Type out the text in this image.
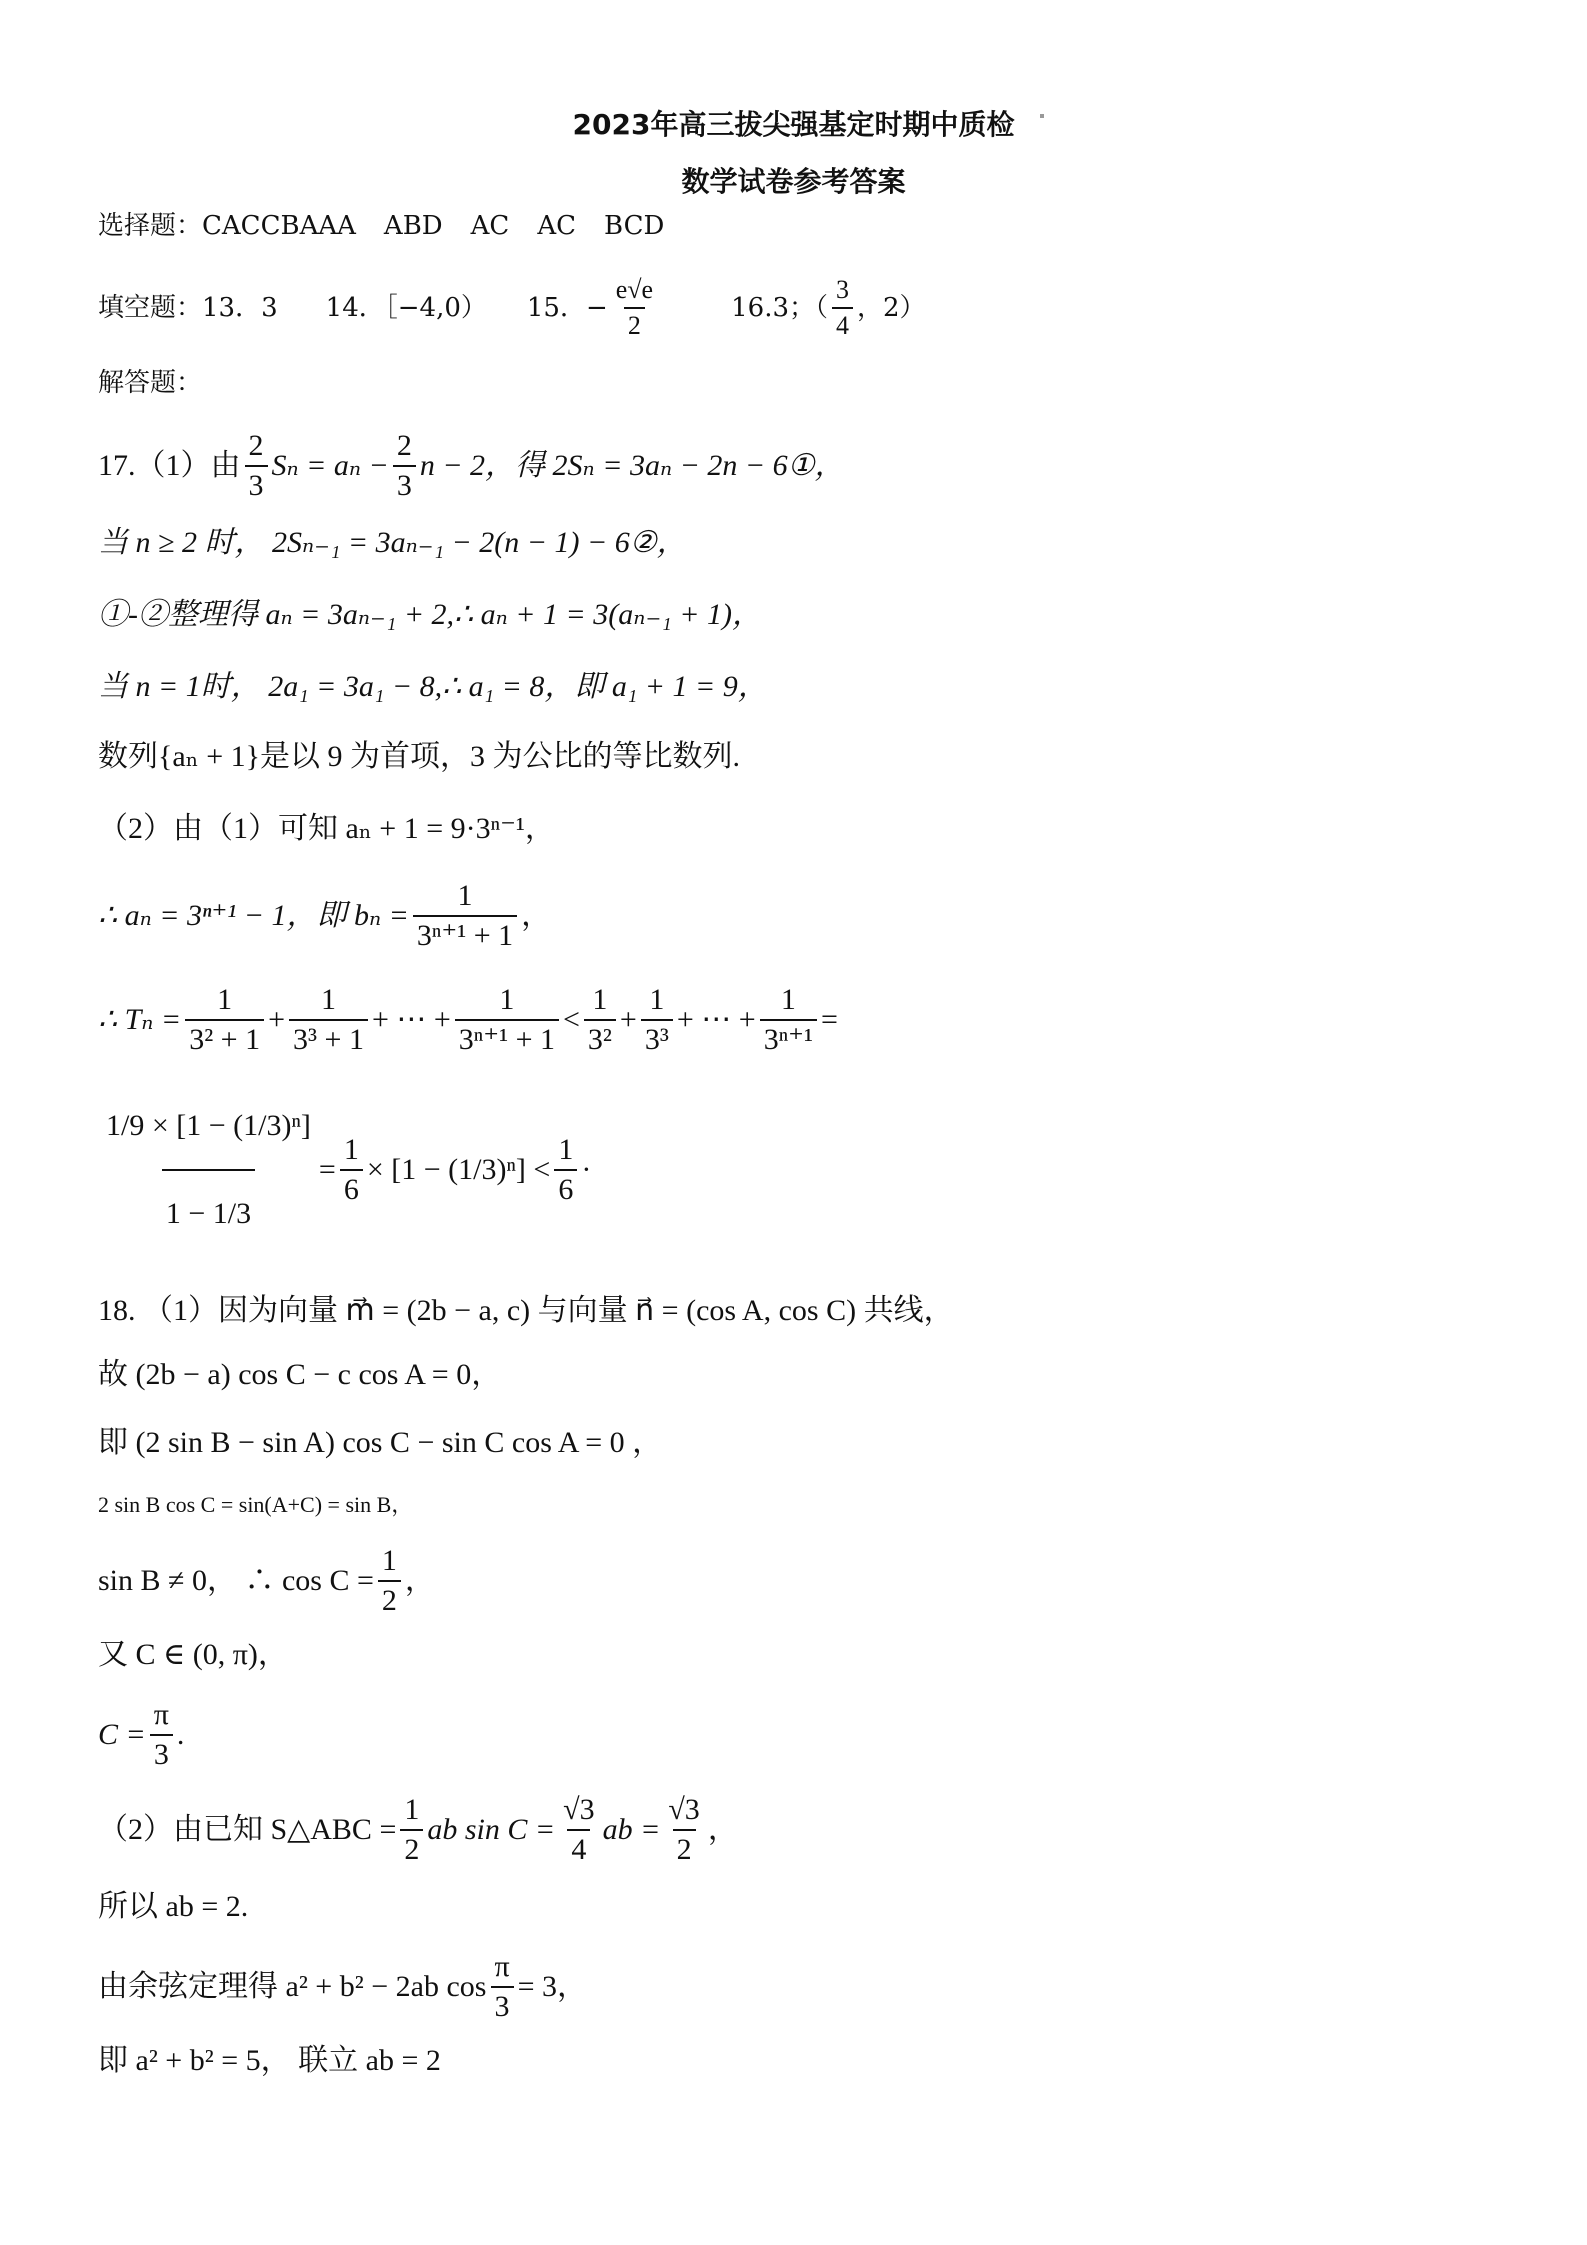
2023年高三拔尖强基定时期中质检
数学试卷参考答案
选择题： CACCBAAA ABD AC AC BCD
填空题： 13．3 14．［−4,0） 15．− $\frac{e√e}{2}$	16.3；（ $\frac{3}{4}$ ，2）
解答题：
17.（1）由 $\frac{2}{3}$ $S_n = a_n - \frac{2}{3}$ n − 2，得 2Sₙ = 3aₙ − 2n − 6①，
当 n ≥ 2 时， 2Sₙ₋₁ = 3aₙ₋₁ − 2(n − 1) − 6②，
①-②整理得 aₙ = 3aₙ₋₁ + 2,∴ aₙ + 1 = 3(aₙ₋₁ + 1)，
当 n = 1时， 2a₁ = 3a₁ − 8,∴ a₁ = 8，即 a₁ + 1 = 9，
数列{aₙ + 1}是以 9 为首项，3 为公比的等比数列.
（2）由（1）可知 aₙ + 1 = 9·3ⁿ⁻¹，
∴ aₙ = 3ⁿ⁺¹ − 1，即 $b_n = \frac{1}{\text{3ⁿ⁺¹ + 1}}$ ，
∴ $T_n = \frac{1}{\text{3² + 1}} + \frac{1}{\text{3³ + 1}}$ + ⋯ + $\frac{1}{\text{3ⁿ⁺¹ + 1}} < \frac{1}{\text{3²}} + \frac{1}{\text{3³}}$ + ⋯ + $\frac{1}{\text{3ⁿ⁺¹}}$ =
$\frac{\text{1/9 × [1 − (1/3)ⁿ]}}{1 - 1/3} = \frac{1}{6} \times [1 - (1/3)^n] < \frac{1}{6}$ ·
18. （1）因为向量 m⃗ = (2b − a, c) 与向量 n⃗ = (cos A, cos C) 共线，
故 (2b − a) cos C − c cos A = 0，
即 (2 sin B − sin A) cos C − sin C cos A = 0 ，
2 sin B cos C = sin(A+C) = sin B，
sin B ≠ 0， ∴ $\cos C = \frac{1}{2}$ ，
又 C ∈ (0, π)，
$C = \frac{\pi}{3}$ .
（2）由已知 S△ABC = $\frac{1}{2}$ ab $\sin C = \frac{√3}{4}$ ab = $\frac{√3}{2}$ ，
所以 ab = 2.
由余弦定理得 a² + b² − 2ab $\cos \frac{\pi}{3} = 3$，
即 a² + b² = 5， 联立 ab = 2
